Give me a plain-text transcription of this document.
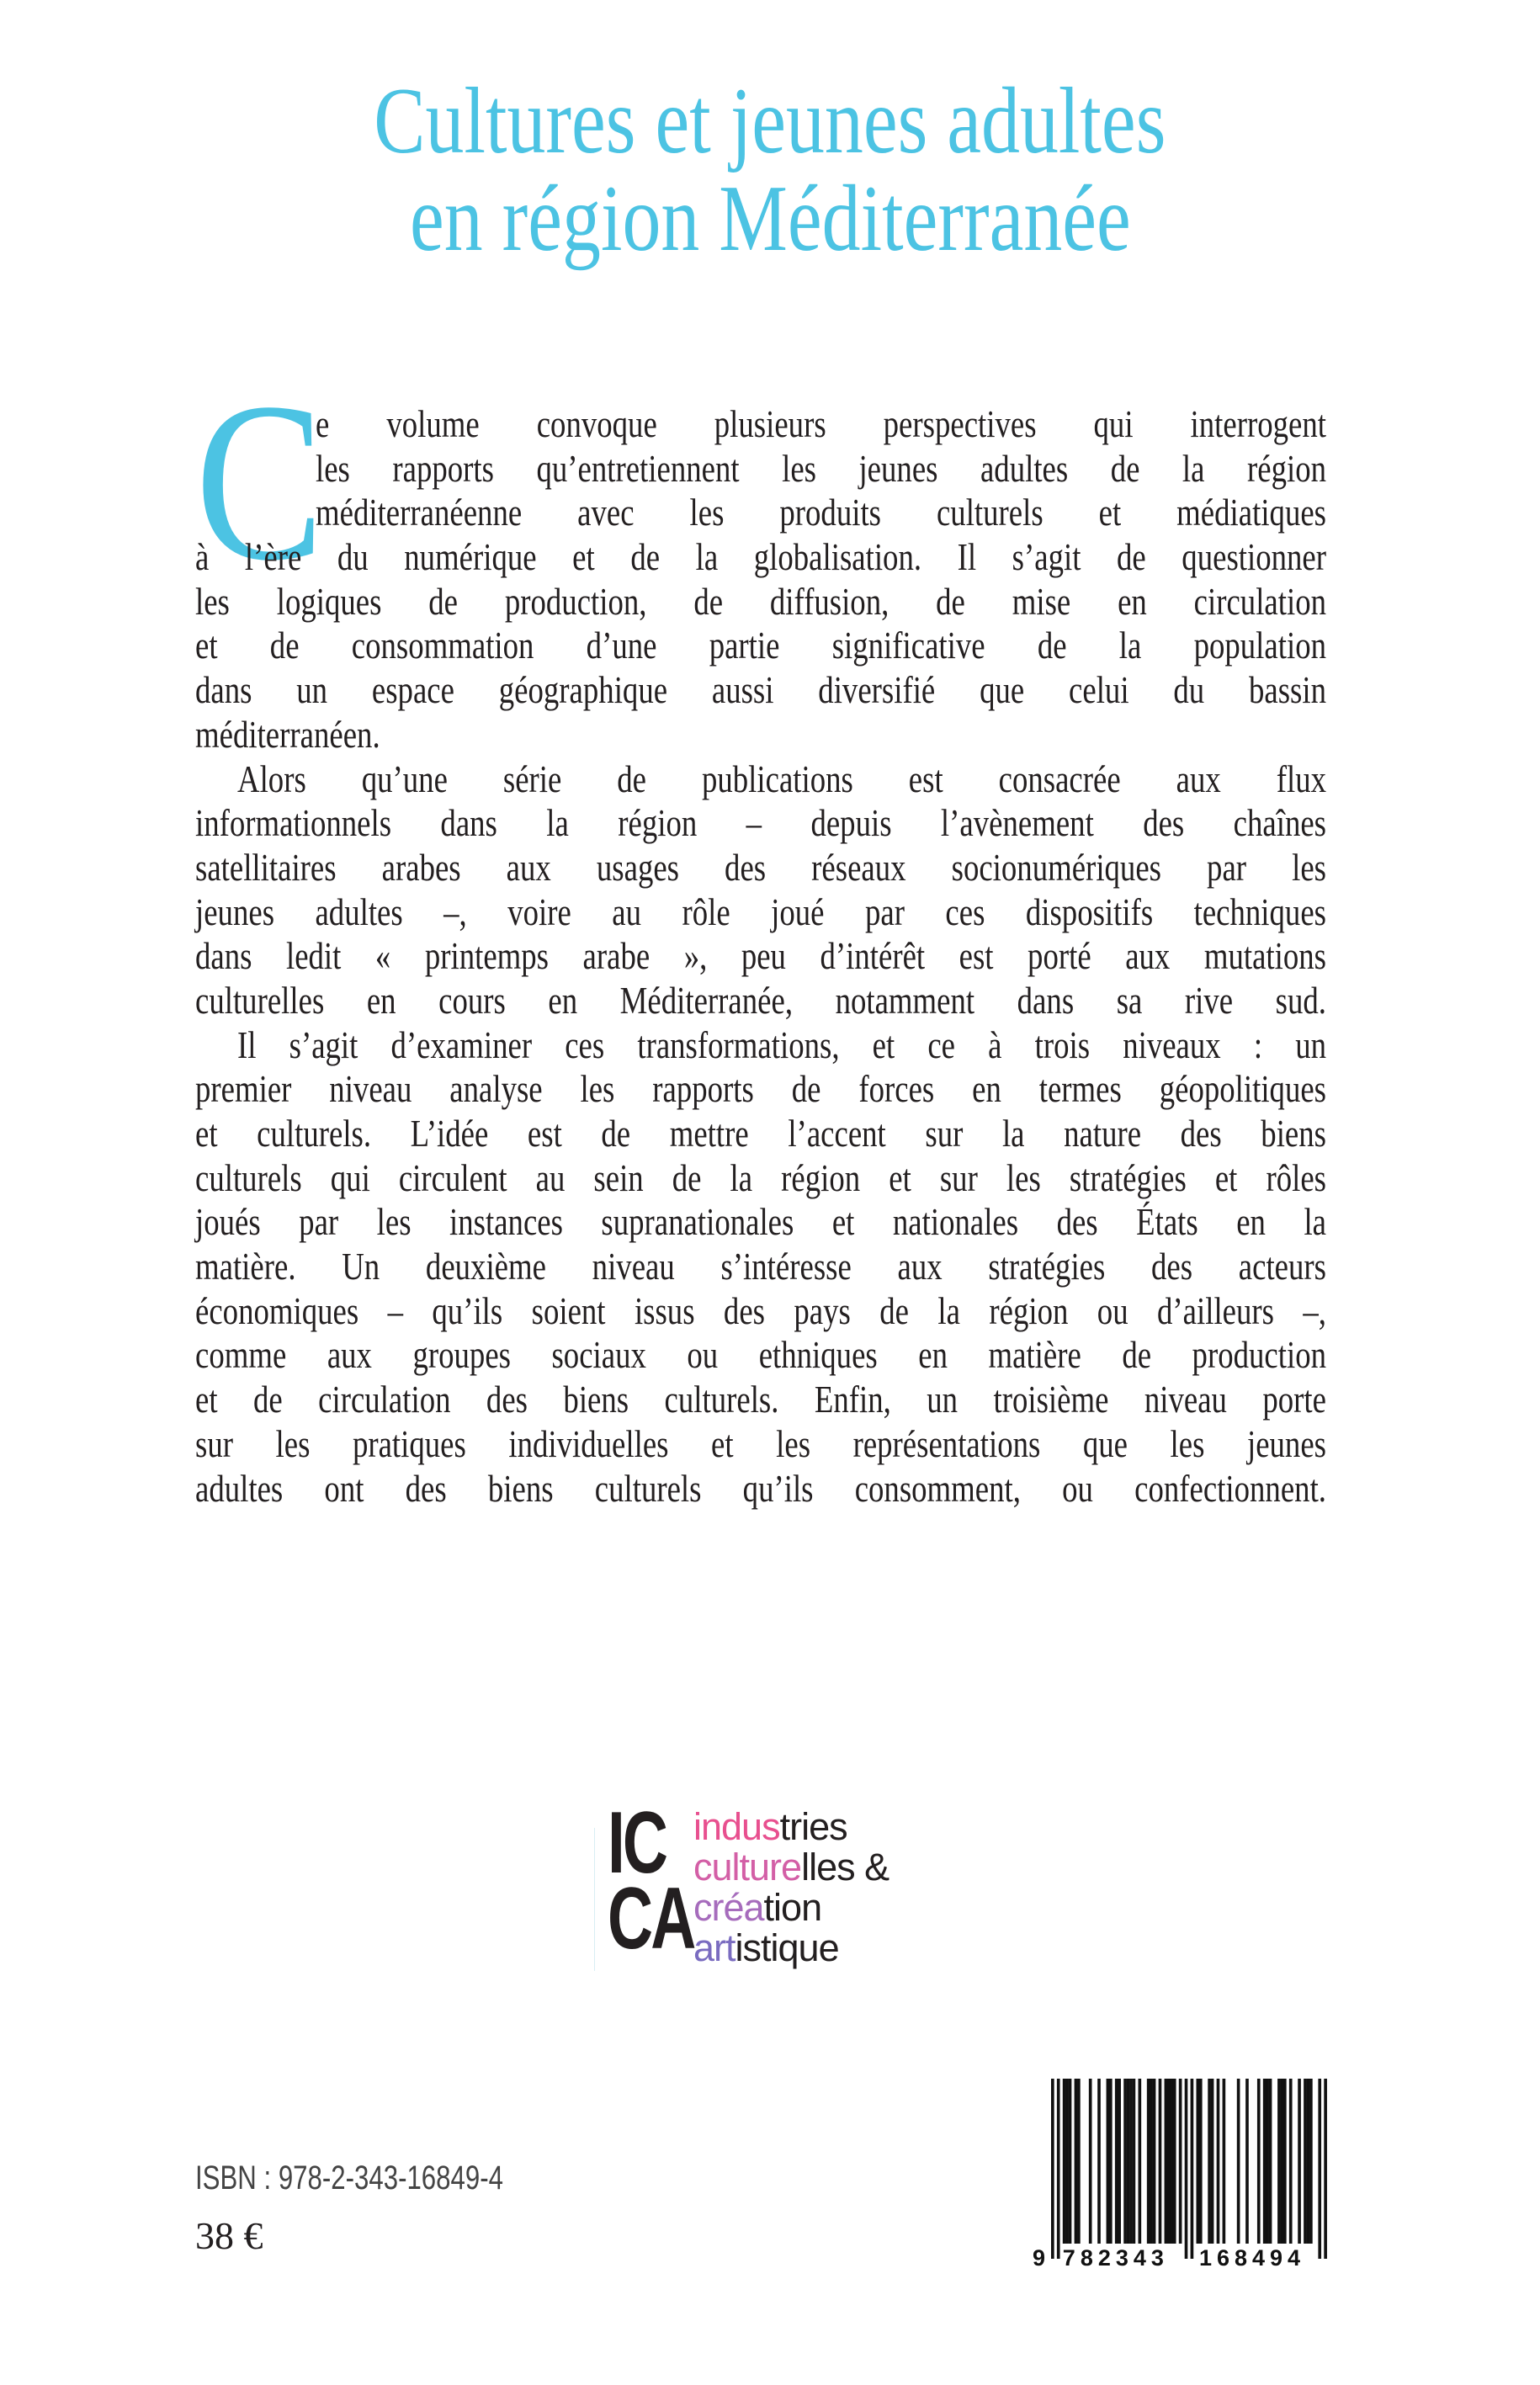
Cultures et jeunes adultes
en région Méditerranée
C
e volume convoque plusieurs perspectives qui interrogent
les rapports qu’entretiennent les jeunes adultes de la région
méditerranéenne avec les produits culturels et médiatiques
à l’ère du numérique et de la globalisation. Il s’agit de questionner
les logiques de production, de diffusion, de mise en circulation
et de consommation d’une partie significative de la population
dans un espace géographique aussi diversifié que celui du bassin
méditerranéen.
Alors qu’une série de publications est consacrée aux flux
informationnels dans la région – depuis l’avènement des chaînes
satellitaires arabes aux usages des réseaux socionumériques par les
jeunes adultes –, voire au rôle joué par ces dispositifs techniques
dans ledit « printemps arabe », peu d’intérêt est porté aux mutations
culturelles en cours en Méditerranée, notamment dans sa rive sud.
Il s’agit d’examiner ces transformations, et ce à trois niveaux : un
premier niveau analyse les rapports de forces en termes géopolitiques
et culturels. L’idée est de mettre l’accent sur la nature des biens
culturels qui circulent au sein de la région et sur les stratégies et rôles
joués par les instances supranationales et nationales des États en la
matière. Un deuxième niveau s’intéresse aux stratégies des acteurs
économiques – qu’ils soient issus des pays de la région ou d’ailleurs –,
comme aux groupes sociaux ou ethniques en matière de production
et de circulation des biens culturels. Enfin, un troisième niveau porte
sur les pratiques individuelles et les représentations que les jeunes
adultes ont des biens culturels qu’ils consomment, ou confectionnent.
IC
CA
industries
culturelles &
création
artistique
ISBN : 978-2-343-16849-4
38 €
9 782343 168494
